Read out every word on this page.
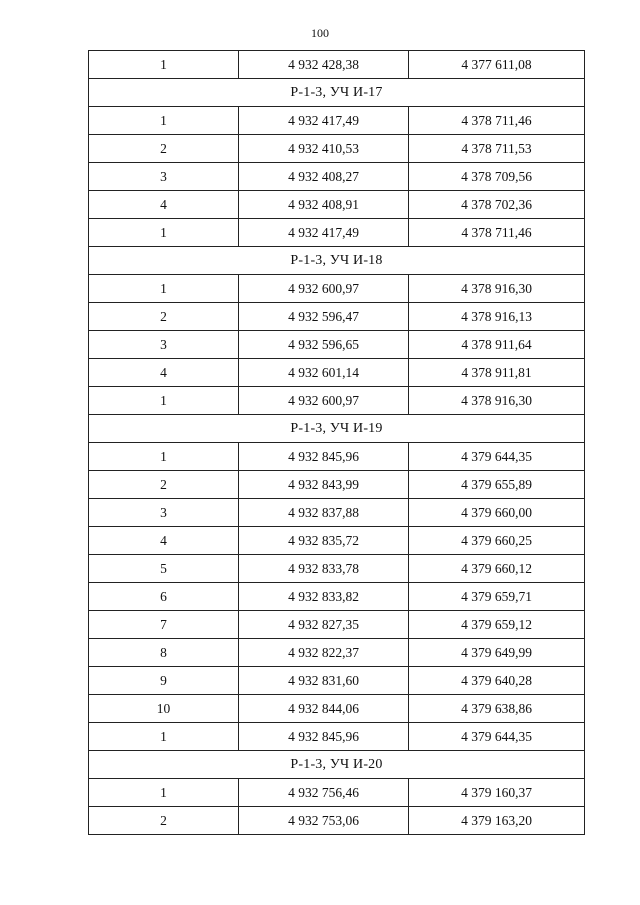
100
1	4 932 428,38	4 377 611,08
Р-1-3, УЧ И-17		
1	4 932 417,49	4 378 711,46
2	4 932 410,53	4 378 711,53
3	4 932 408,27	4 378 709,56
4	4 932 408,91	4 378 702,36
1	4 932 417,49	4 378 711,46
Р-1-3, УЧ И-18		
1	4 932 600,97	4 378 916,30
2	4 932 596,47	4 378 916,13
3	4 932 596,65	4 378 911,64
4	4 932 601,14	4 378 911,81
1	4 932 600,97	4 378 916,30
Р-1-3, УЧ И-19		
1	4 932 845,96	4 379 644,35
2	4 932 843,99	4 379 655,89
3	4 932 837,88	4 379 660,00
4	4 932 835,72	4 379 660,25
5	4 932 833,78	4 379 660,12
6	4 932 833,82	4 379 659,71
7	4 932 827,35	4 379 659,12
8	4 932 822,37	4 379 649,99
9	4 932 831,60	4 379 640,28
10	4 932 844,06	4 379 638,86
1	4 932 845,96	4 379 644,35
Р-1-3, УЧ И-20		
1	4 932 756,46	4 379 160,37
2	4 932 753,06	4 379 163,20
